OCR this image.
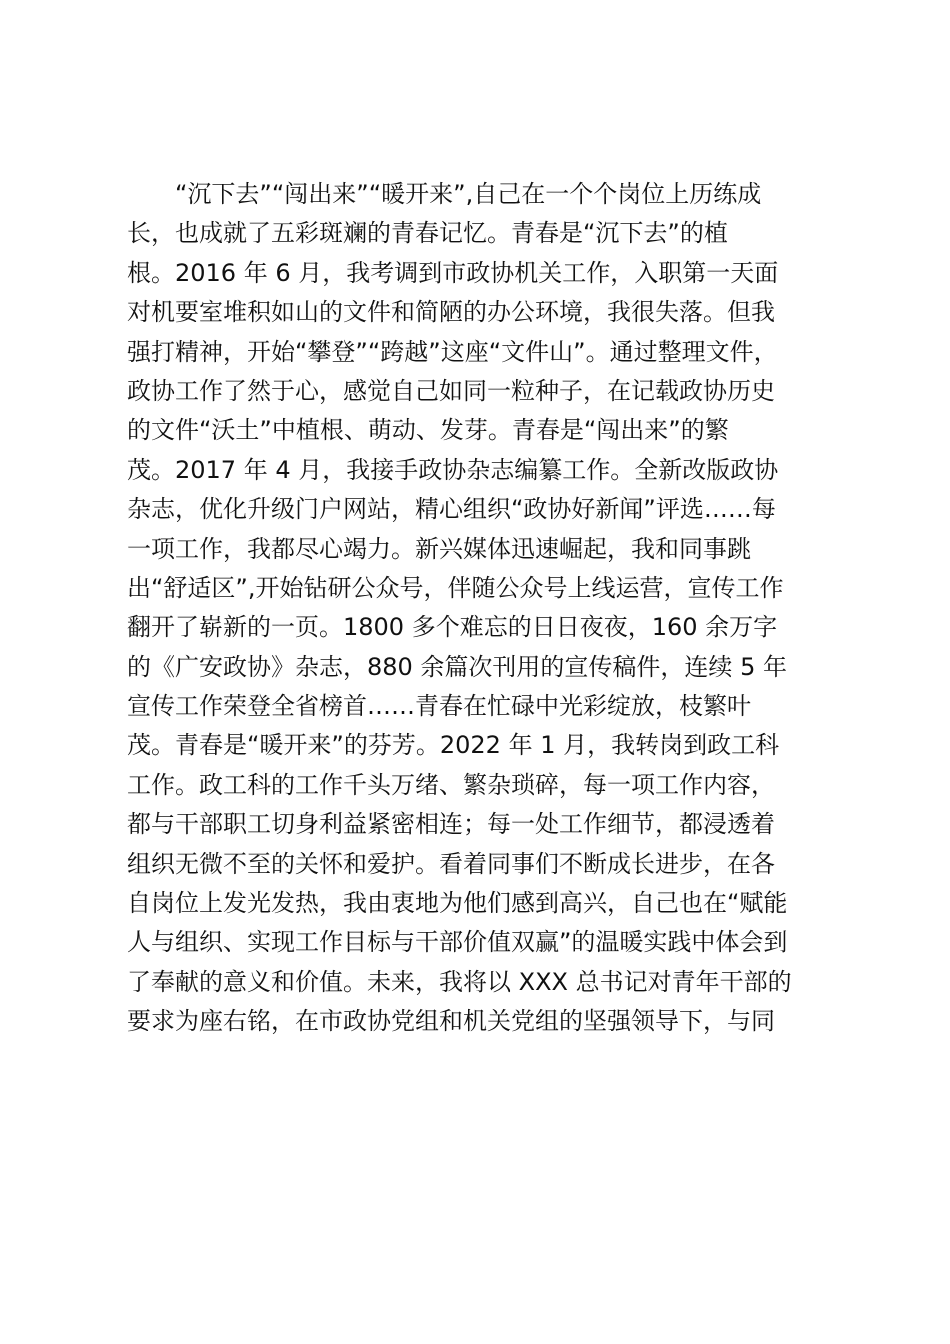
“沉下去”“闯出来”“暖开来”,自己在一个个岗位上历练成
长，也成就了五彩斑斓的青春记忆。青春是“沉下去”的植
根。2016 年 6 月，我考调到市政协机关工作，入职第一天面
对机要室堆积如山的文件和简陋的办公环境，我很失落。但我
强打精神，开始“攀登”“跨越”这座“文件山”。通过整理文件，
政协工作了然于心，感觉自己如同一粒种子，在记载政协历史
的文件“沃土”中植根、萌动、发芽。青春是“闯出来”的繁
茂。2017 年 4 月，我接手政协杂志编纂工作。全新改版政协
杂志，优化升级门户网站，精心组织“政协好新闻”评选……每
一项工作，我都尽心竭力。新兴媒体迅速崛起，我和同事跳
出“舒适区”,开始钻研公众号，伴随公众号上线运营，宣传工作
翻开了崭新的一页。1800 多个难忘的日日夜夜，160 余万字
的《广安政协》杂志，880 余篇次刊用的宣传稿件，连续 5 年
宣传工作荣登全省榜首……青春在忙碌中光彩绽放，枝繁叶
茂。青春是“暖开来”的芬芳。2022 年 1 月，我转岗到政工科
工作。政工科的工作千头万绪、繁杂琐碎，每一项工作内容，
都与干部职工切身利益紧密相连；每一处工作细节，都浸透着
组织无微不至的关怀和爱护。看着同事们不断成长进步，在各
自岗位上发光发热，我由衷地为他们感到高兴，自己也在“赋能
人与组织、实现工作目标与干部价值双赢”的温暖实践中体会到
了奉献的意义和价值。未来，我将以 XXX 总书记对青年干部的
要求为座右铭，在市政协党组和机关党组的坚强领导下，与同
